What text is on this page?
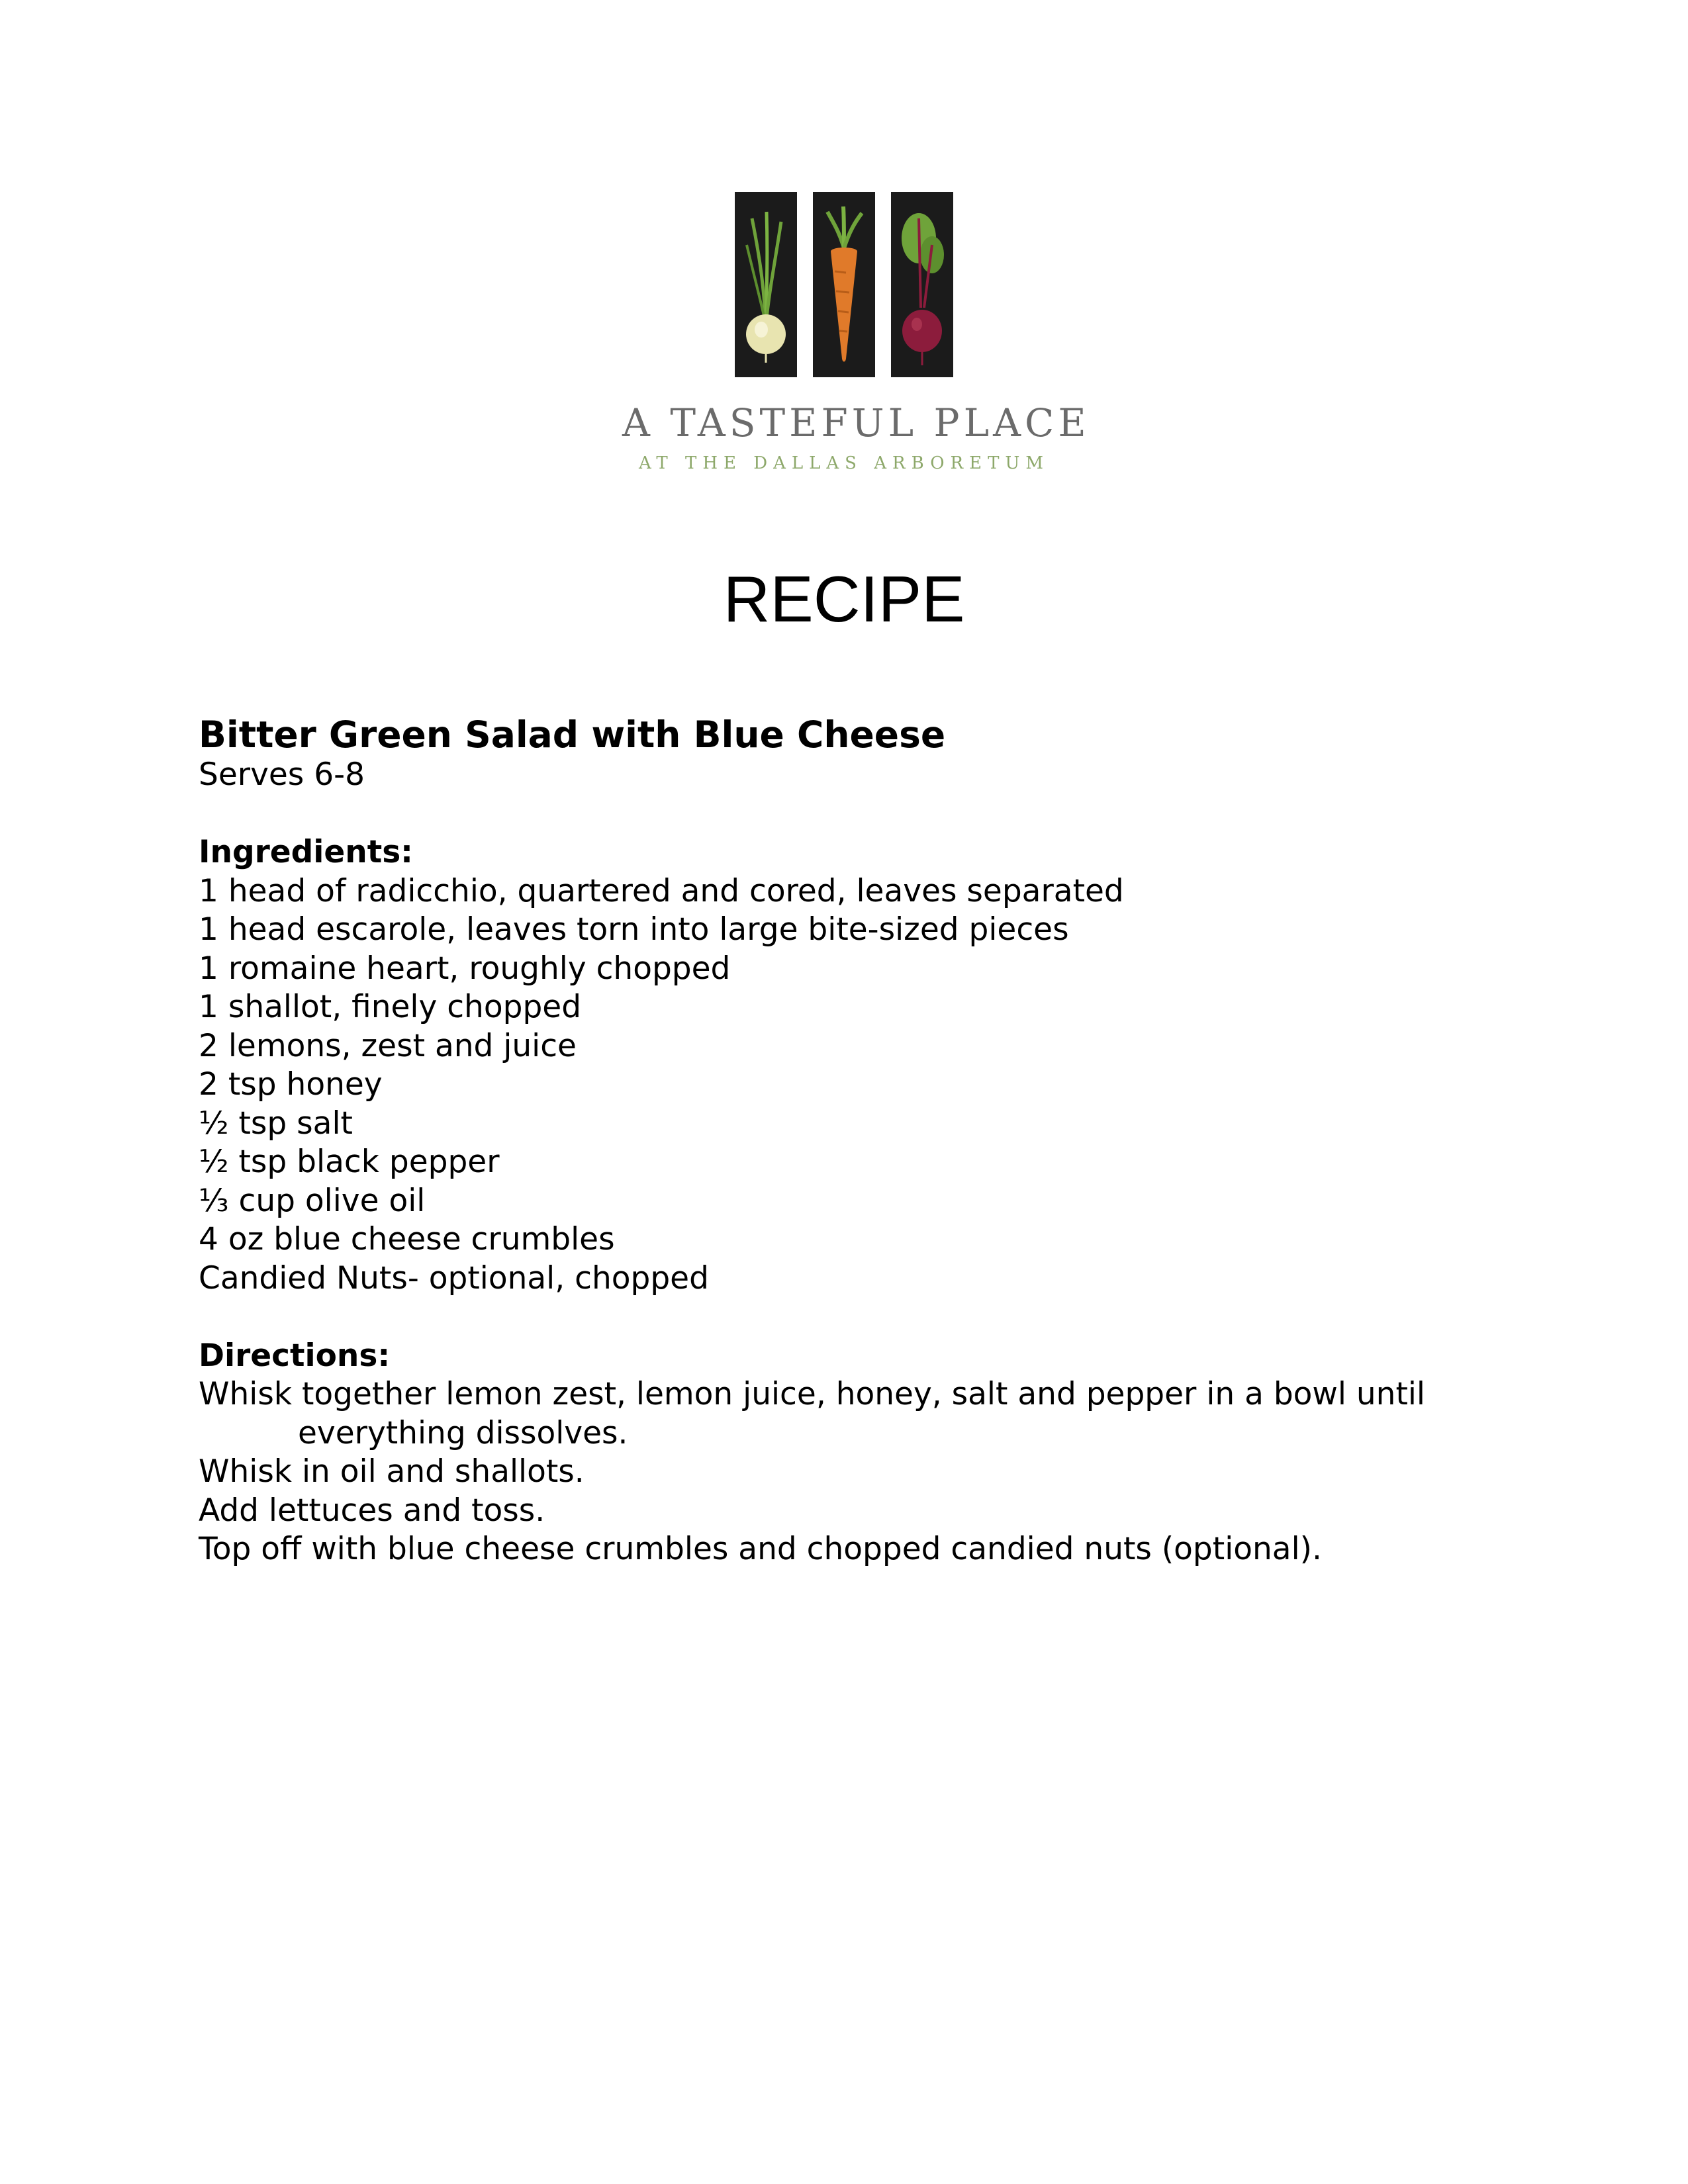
A TASTEFUL PLACE
AT THE DALLAS ARBORETUM
RECIPE
Bitter Green Salad with Blue Cheese
Serves 6-8
Ingredients:
1 head of radicchio, quartered and cored, leaves separated
1 head escarole, leaves torn into large bite-sized pieces
1 romaine heart, roughly chopped
1 shallot, finely chopped
2 lemons, zest and juice
2 tsp honey
½ tsp salt
½ tsp black pepper
⅓ cup olive oil
4 oz blue cheese crumbles
Candied Nuts- optional, chopped
Directions:
Whisk together lemon zest, lemon juice, honey, salt and pepper in a bowl until
everything dissolves.
Whisk in oil and shallots.
Add lettuces and toss.
Top off with blue cheese crumbles and chopped candied nuts (optional).
